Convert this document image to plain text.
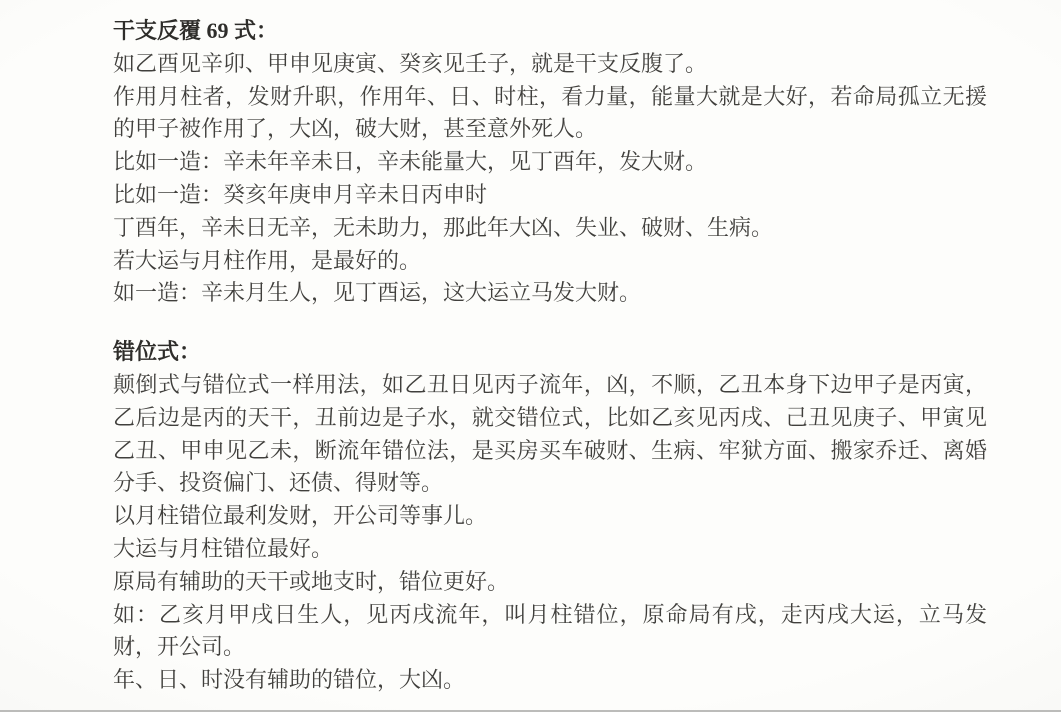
干支反覆 69 式：

如乙酉见辛卯、甲申见庚寅、癸亥见壬子，就是干支反腹了。

作用月柱者，发财升职，作用年、日、时柱，看力量，能量大就是大好，若命局孤立无援的甲子被作用了，大凶，破大财，甚至意外死人。

比如一造：辛未年辛未日，辛未能量大，见丁酉年，发大财。

比如一造：癸亥年庚申月辛未日丙申时

丁酉年，辛未日无辛，无未助力，那此年大凶、失业、破财、生病。

若大运与月柱作用，是最好的。

如一造：辛未月生人，见丁酉运，这大运立马发大财。

错位式：

颠倒式与错位式一样用法，如乙丑日见丙子流年，凶，不顺，乙丑本身下边甲子是丙寅，乙后边是丙的天干，丑前边是子水，就交错位式，比如乙亥见丙戌、己丑见庚子、甲寅见乙丑、甲申见乙未，断流年错位法，是买房买车破财、生病、牢狱方面、搬家乔迁、离婚分手、投资偏门、还债、得财等。

以月柱错位最利发财，开公司等事儿。

大运与月柱错位最好。

原局有辅助的天干或地支时，错位更好。

如：乙亥月甲戌日生人，见丙戌流年，叫月柱错位，原命局有戌，走丙戌大运，立马发财，开公司。

年、日、时没有辅助的错位，大凶。
